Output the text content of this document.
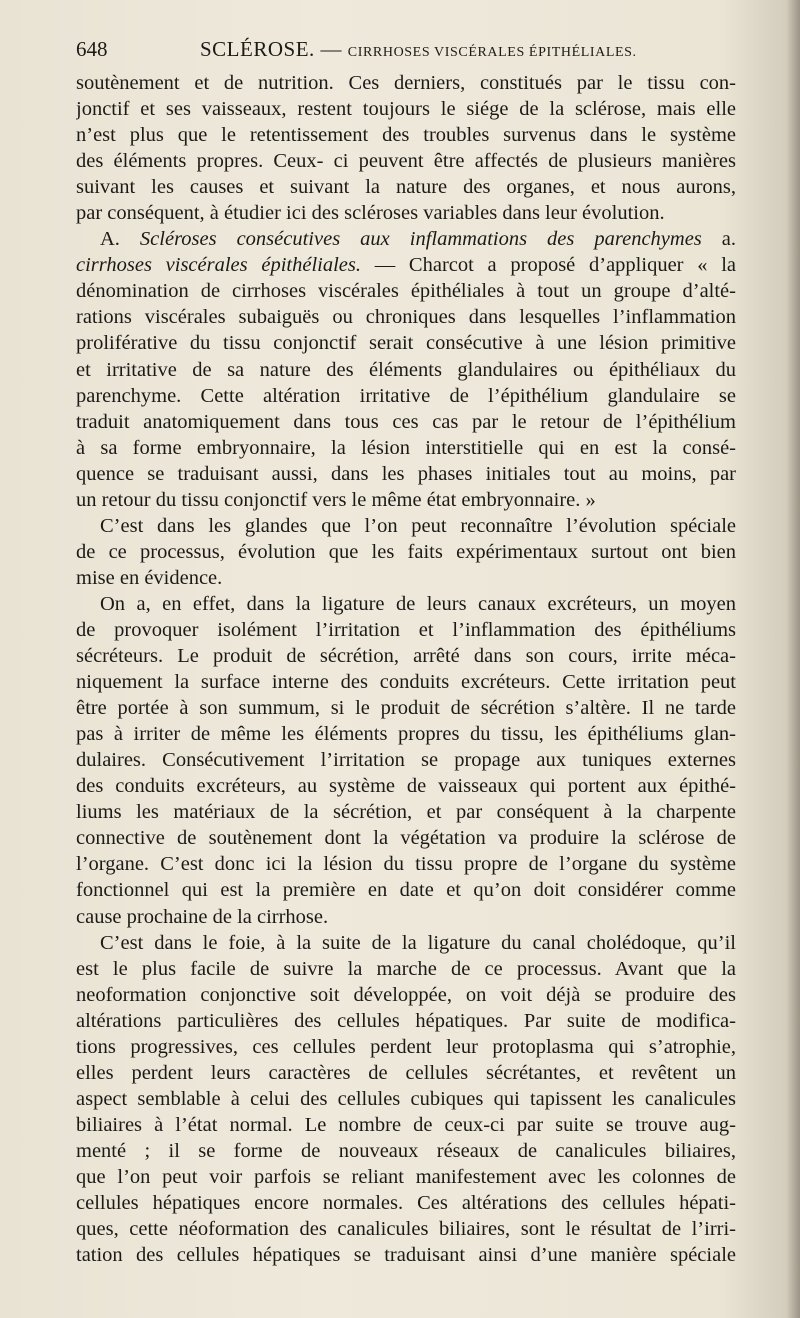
648	SCLÉROSE. — CIRRHOSES VISCÉRALES ÉPITHÉLIALES.
soutènement et de nutrition. Ces derniers, constitués par le tissu con-
jonctif et ses vaisseaux, restent toujours le siége de la sclérose, mais elle
n’est plus que le retentissement des troubles survenus dans le système
des éléments propres. Ceux- ci peuvent être affectés de plusieurs manières
suivant les causes et suivant la nature des organes, et nous aurons,
par conséquent, à étudier ici des scléroses variables dans leur évolution.
A. Scléroses consécutives aux inflammations des parenchymes a.
cirrhoses viscérales épithéliales. — Charcot a proposé d’appliquer « la
dénomination de cirrhoses viscérales épithéliales à tout un groupe d’alté-
rations viscérales subaiguës ou chroniques dans lesquelles l’inflammation
proliférative du tissu conjonctif serait consécutive à une lésion primitive
et irritative de sa nature des éléments glandulaires ou épithéliaux du
parenchyme. Cette altération irritative de l’épithélium glandulaire se
traduit anatomiquement dans tous ces cas par le retour de l’épithélium
à sa forme embryonnaire, la lésion interstitielle qui en est la consé-
quence se traduisant aussi, dans les phases initiales tout au moins, par
un retour du tissu conjonctif vers le même état embryonnaire. »
C’est dans les glandes que l’on peut reconnaître l’évolution spéciale
de ce processus, évolution que les faits expérimentaux surtout ont bien
mise en évidence.
On a, en effet, dans la ligature de leurs canaux excréteurs, un moyen
de provoquer isolément l’irritation et l’inflammation des épithéliums
sécréteurs. Le produit de sécrétion, arrêté dans son cours, irrite méca-
niquement la surface interne des conduits excréteurs. Cette irritation peut
être portée à son summum, si le produit de sécrétion s’altère. Il ne tarde
pas à irriter de même les éléments propres du tissu, les épithéliums glan-
dulaires. Consécutivement l’irritation se propage aux tuniques externes
des conduits excréteurs, au système de vaisseaux qui portent aux épithé-
liums les matériaux de la sécrétion, et par conséquent à la charpente
connective de soutènement dont la végétation va produire la sclérose de
l’organe. C’est donc ici la lésion du tissu propre de l’organe du système
fonctionnel qui est la première en date et qu’on doit considérer comme
cause prochaine de la cirrhose.
C’est dans le foie, à la suite de la ligature du canal cholédoque, qu’il
est le plus facile de suivre la marche de ce processus. Avant que la
neoformation conjonctive soit développée, on voit déjà se produire des
altérations particulières des cellules hépatiques. Par suite de modifica-
tions progressives, ces cellules perdent leur protoplasma qui s’atrophie,
elles perdent leurs caractères de cellules sécrétantes, et revêtent un
aspect semblable à celui des cellules cubiques qui tapissent les canalicules
biliaires à l’état normal. Le nombre de ceux-ci par suite se trouve aug-
menté ; il se forme de nouveaux réseaux de canalicules biliaires,
que l’on peut voir parfois se reliant manifestement avec les colonnes de
cellules hépatiques encore normales. Ces altérations des cellules hépati-
ques, cette néoformation des canalicules biliaires, sont le résultat de l’irri-
tation des cellules hépatiques se traduisant ainsi d’une manière spéciale
